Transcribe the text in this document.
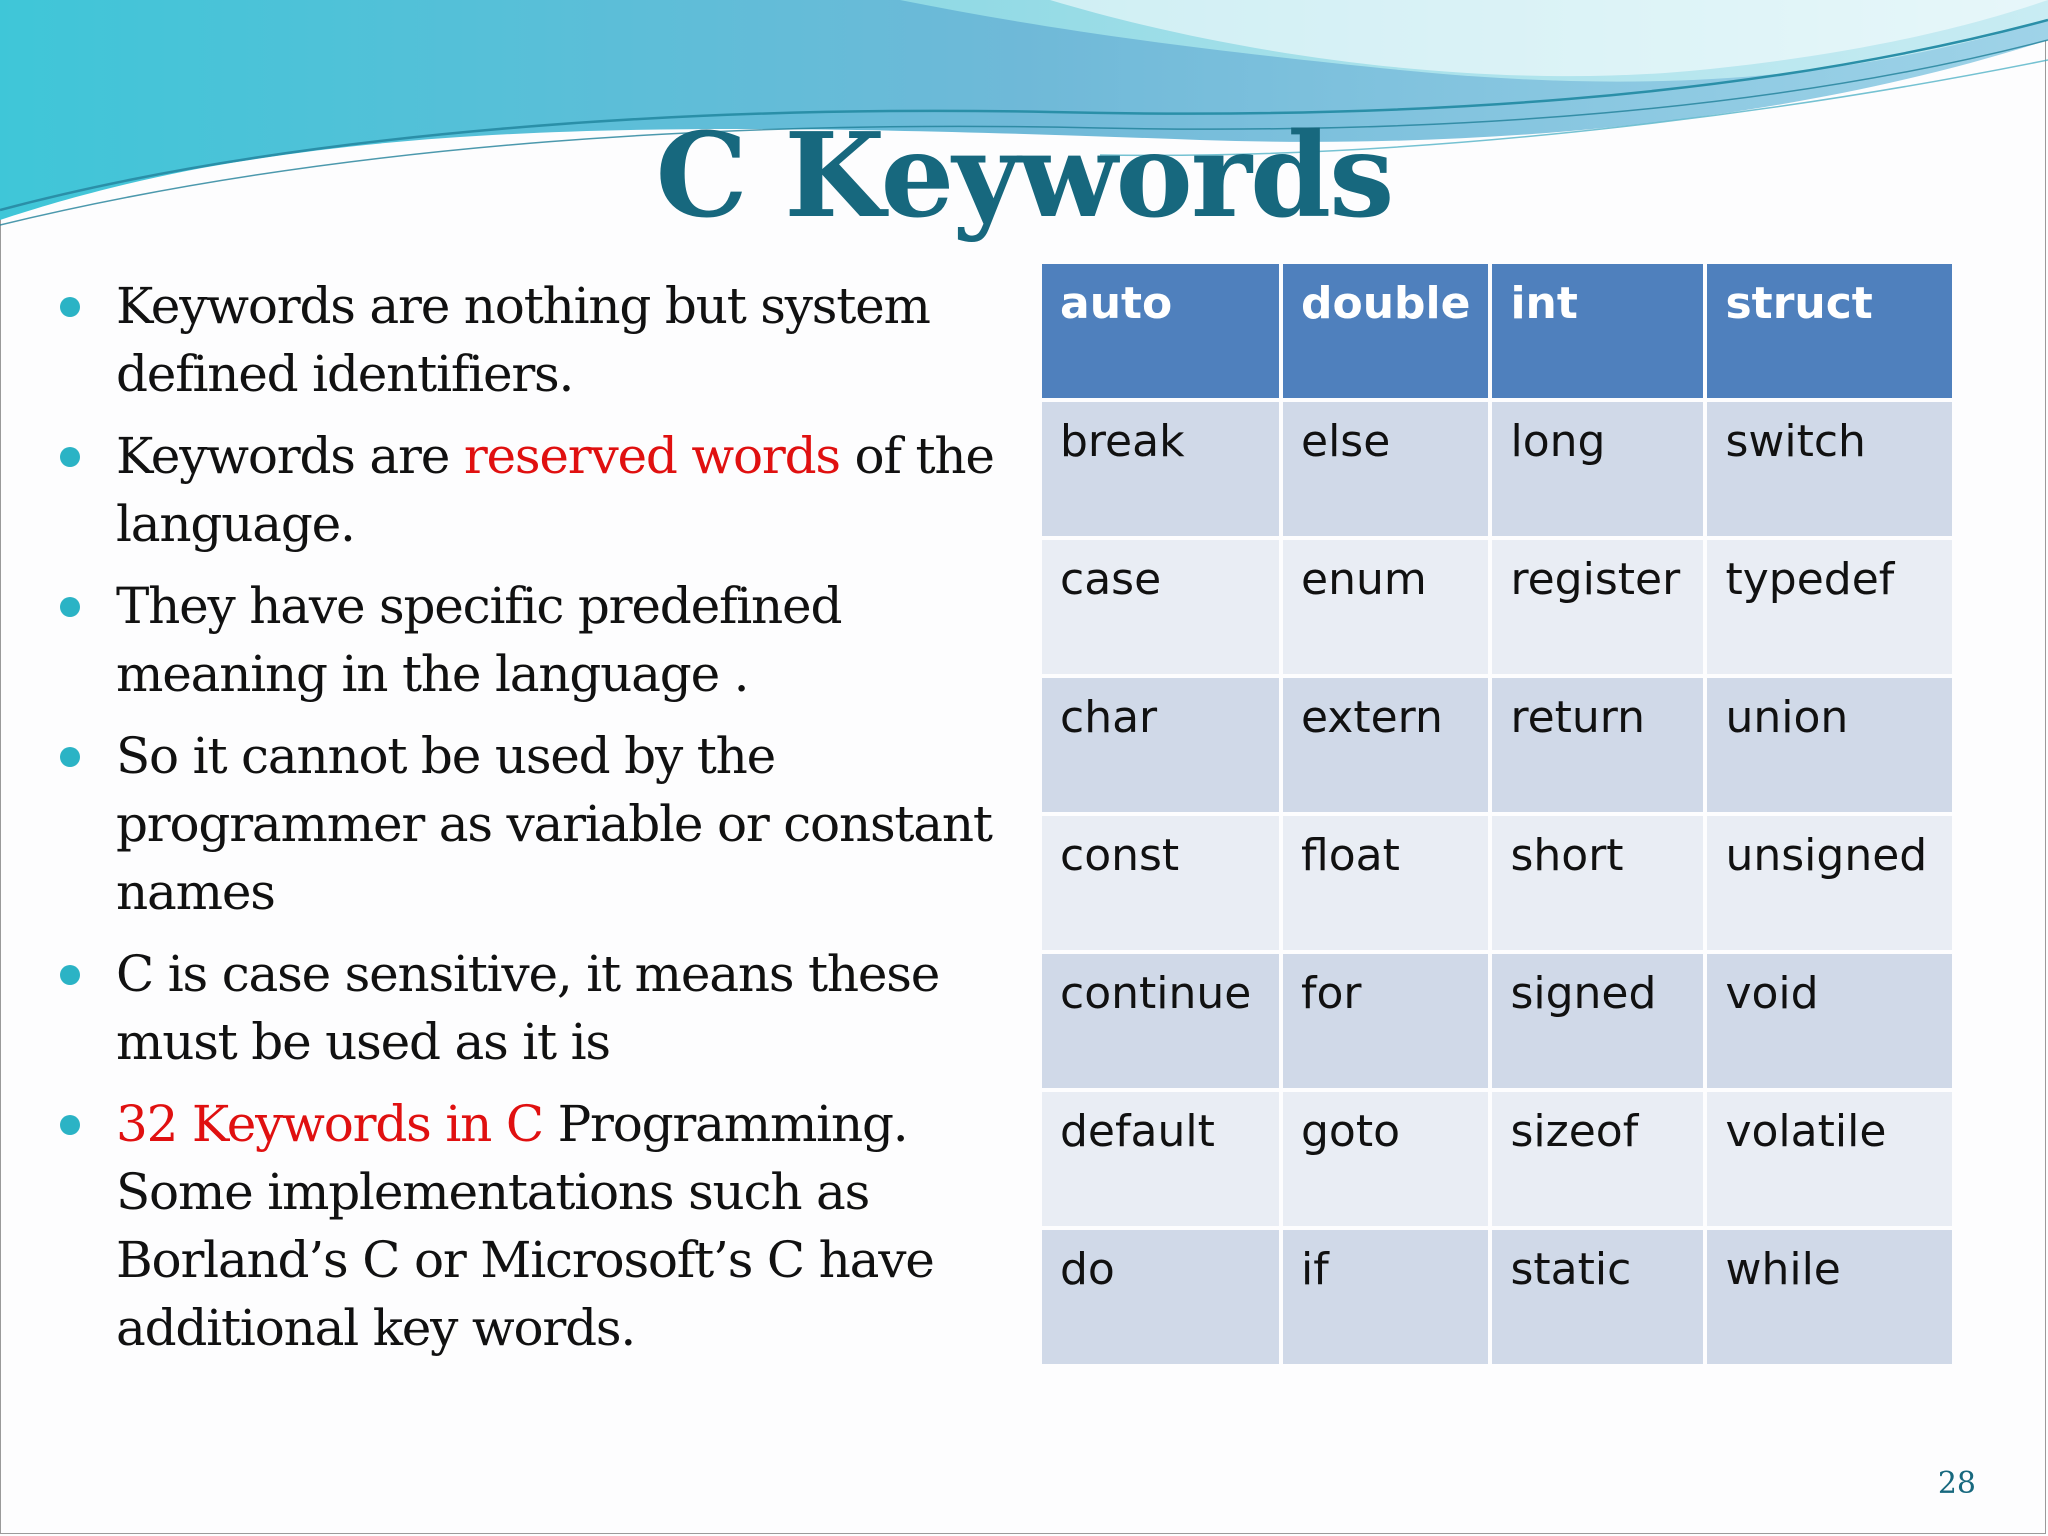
C Keywords
Keywords are nothing but system defined identifiers.
Keywords are reserved words of the language.
They have specific predefined meaning in the language .
So it cannot be used by the programmer as variable or constant names
C is case sensitive, it means these must be used as it is
32 Keywords in C Programming. Some implementations such as Borland’s C or Microsoft’s C have additional key words.
auto	double	int	struct
break	else	long	switch
case	enum	register	typedef
char	extern	return	union
const	float	short	unsigned
continue	for	signed	void
default	goto	sizeof	volatile
do	if	static	while
28
